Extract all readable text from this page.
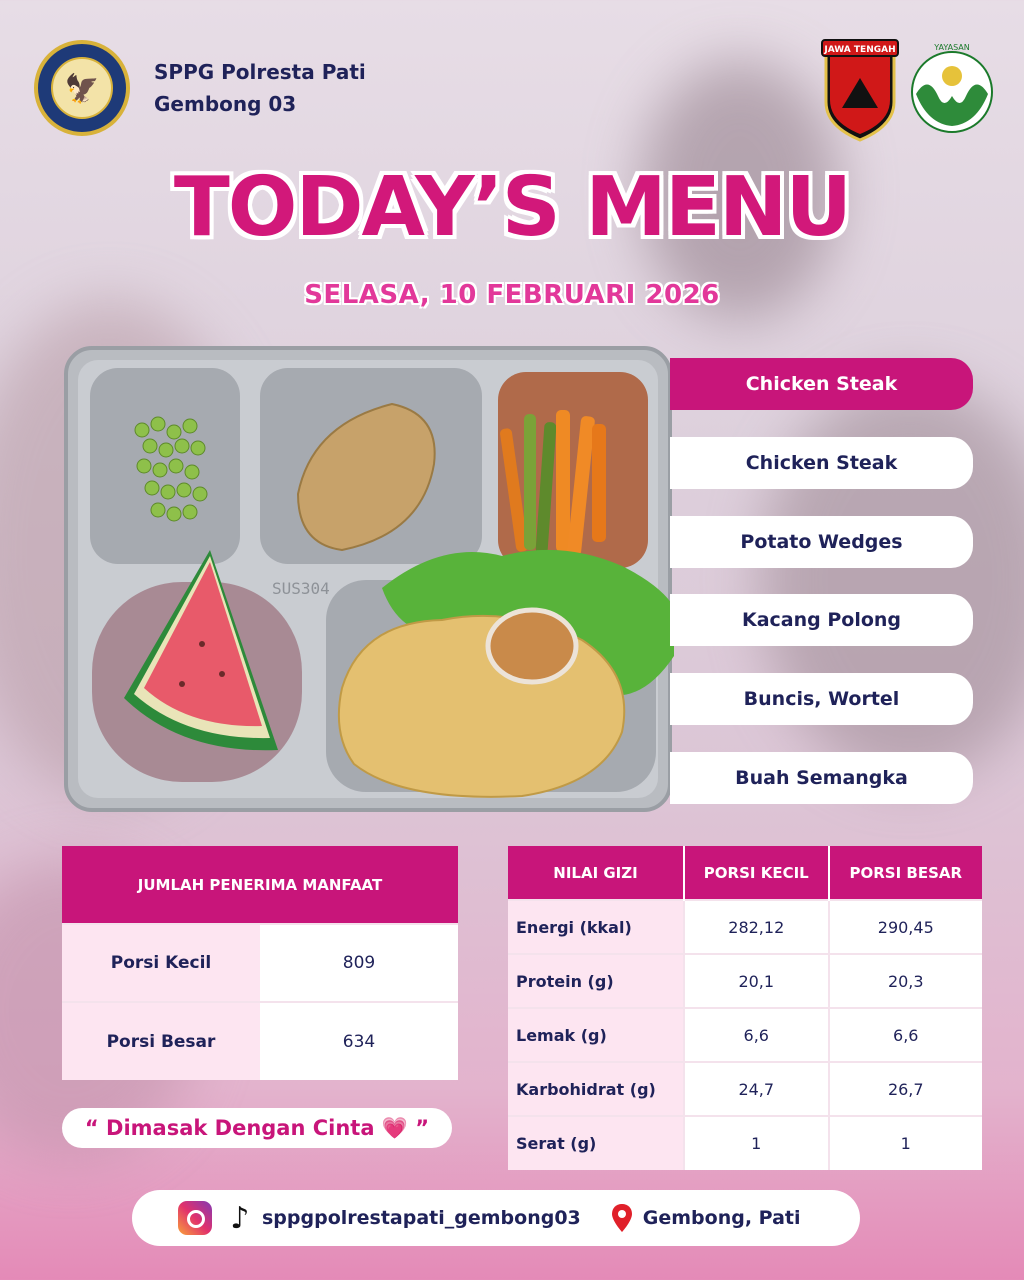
🦅	SPPG Polresta Pati
Gembong 03
JAWA TENGAH	YAYASAN
TODAY’S MENU
SELASA, 10 FEBRUARI 2026
SUS304
Chicken Steak
Chicken Steak
Potato Wedges
Kacang Polong
Buncis, Wortel
Buah Semangka
JUMLAH PENERIMA MANFAAT	
Porsi Kecil	809
Porsi Besar	634
NILAI GIZI	PORSI KECIL	PORSI BESAR
Energi (kkal)	282,12	290,45
Protein (g)	20,1	20,3
Lemak (g)	6,6	6,6
Karbohidrat (g)	24,7	26,7
Serat (g)	1	1
“ Dimasak Dengan Cinta 💗 ”
♪ sppgpolrestapati_gembong03	Gembong, Pati
